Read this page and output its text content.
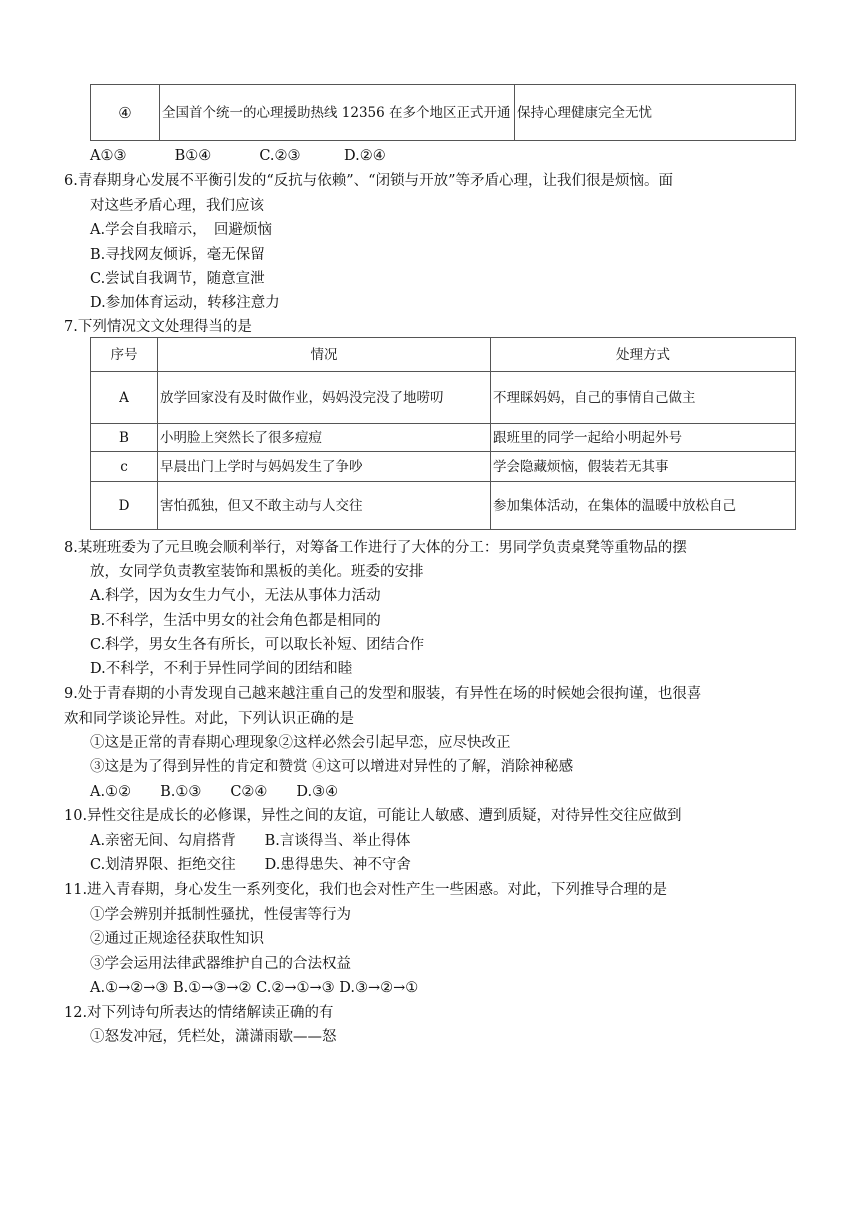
④	全国首个统一的心理援助热线 12356 在多个地区正式开通	保持心理健康完全无忧
A①③　　　 B①④　　　 C.②③　　　D.②④
6.青春期身心发展不平衡引发的“反抗与依赖”、“闭锁与开放”等矛盾心理，让我们很是烦恼。面
对这些矛盾心理，我们应该
A.学会自我暗示，　回避烦恼
B.寻找网友倾诉，毫无保留
C.尝试自我调节，随意宣泄
D.参加体育运动，转移注意力
7.下列情况文文处理得当的是
序号	情况	处理方式
A	放学回家没有及时做作业，妈妈没完没了地唠叨	不理睬妈妈，自己的事情自己做主
B	小明脸上突然长了很多痘痘	跟班里的同学一起给小明起外号
c	早晨出门上学时与妈妈发生了争吵	学会隐藏烦恼，假装若无其事
D	害怕孤独，但又不敢主动与人交往	参加集体活动，在集体的温暖中放松自己
8.某班班委为了元旦晚会顺利举行，对筹备工作进行了大体的分工：男同学负责桌凳等重物品的摆
放，女同学负责教室装饰和黑板的美化。班委的安排
A.科学，因为女生力气小，无法从事体力活动
B.不科学，生活中男女的社会角色都是相同的
C.科学，男女生各有所长，可以取长补短、团结合作
D.不科学，不利于异性同学间的团结和睦
9.处于青春期的小青发现自己越来越注重自己的发型和服装，有异性在场的时候她会很拘谨，也很喜
欢和同学谈论异性。对此，下列认识正确的是
①这是正常的青春期心理现象②这样必然会引起早恋，应尽快改正
③这是为了得到异性的肯定和赞赏 ④这可以增进对异性的了解，消除神秘感
A.①②　　B.①③　　C②④　　D.③④
10.异性交往是成长的必修课，异性之间的友谊，可能让人敏感、遭到质疑，对待异性交往应做到
A.亲密无间、勾肩搭背　　B.言谈得当、举止得体
C.划清界限、拒绝交往　　D.患得患失、神不守舍
11.进入青春期，身心发生一系列变化，我们也会对性产生一些困惑。对此，下列推导合理的是
①学会辨别并抵制性骚扰，性侵害等行为
②通过正规途径获取性知识
③学会运用法律武器维护自己的合法权益
A.①→②→③ B.①→③→② C.②→①→③ D.③→②→①
12.对下列诗句所表达的情绪解读正确的有
①怒发冲冠，凭栏处，潇潇雨歇——怒
